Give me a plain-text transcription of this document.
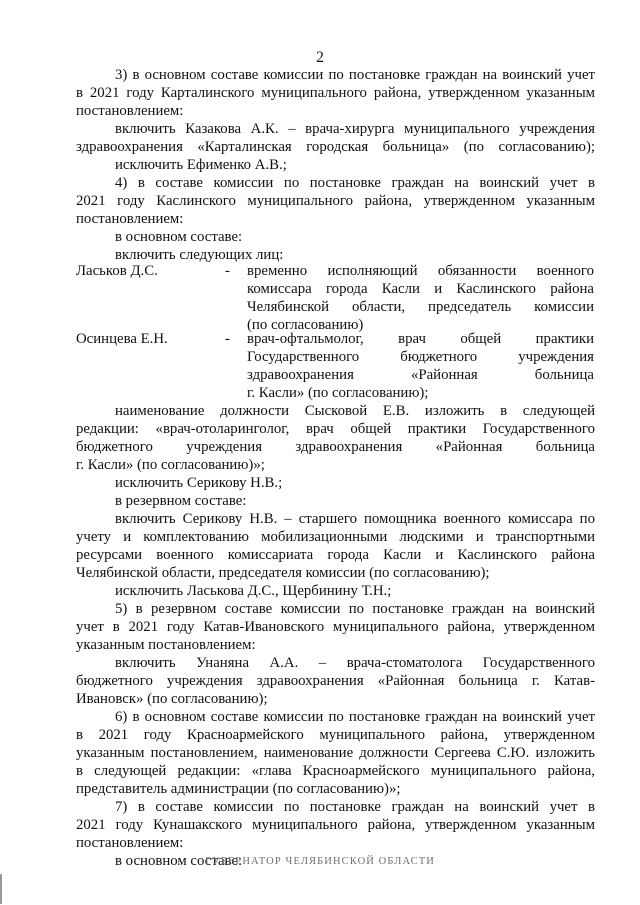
2
3) в основном составе комиссии по постановке граждан на воинский учет
в 2021 году Карталинского муниципального района, утвержденном указанным
постановлением:
включить Казакова А.К. – врача-хирурга муниципального учреждения
здравоохранения «Карталинская городская больница» (по согласованию);
исключить Ефименко А.В.;
4) в составе комиссии по постановке граждан на воинский учет в
2021 году Каслинского муниципального района, утвержденном указанным
постановлением:
в основном составе:
включить следующих лиц:
Ласьков Д.С.	- временно исполняющий обязанности военного
комиссара города Касли и Каслинского района
Челябинской области, председатель комиссии
(по согласованию)
Осинцева Е.Н.	- врач-офтальмолог, врач общей практики
Государственного бюджетного учреждения
здравоохранения «Районная больница
г. Касли» (по согласованию);
наименование должности Сысковой Е.В. изложить в следующей
редакции: «врач-отоларинголог, врач общей практики Государственного
бюджетного учреждения здравоохранения «Районная больница
г. Касли» (по согласованию)»;
исключить Серикову Н.В.;
в резервном составе:
включить Серикову Н.В. – старшего помощника военного комиссара по
учету и комплектованию мобилизационными людскими и транспортными
ресурсами военного комиссариата города Касли и Каслинского района
Челябинской области, председателя комиссии (по согласованию);
исключить Ласькова Д.С., Щербинину Т.Н.;
5) в резервном составе комиссии по постановке граждан на воинский
учет в 2021 году Катав-Ивановского муниципального района, утвержденном
указанным постановлением:
включить Унаняна А.А. – врача-стоматолога Государственного
бюджетного учреждения здравоохранения «Районная больница г. Катав-
Ивановск» (по согласованию);
6) в основном составе комиссии по постановке граждан на воинский учет
в 2021 году Красноармейского муниципального района, утвержденном
указанным постановлением, наименование должности Сергеева С.Ю. изложить
в следующей редакции: «глава Красноармейского муниципального района,
представитель администрации (по согласованию)»;
7) в составе комиссии по постановке граждан на воинский учет в
2021 году Кунашакского муниципального района, утвержденном указанным
постановлением:
в основном составе:
ГУБЕРНАТОР ЧЕЛЯБИНСКОЙ ОБЛАСТИ
